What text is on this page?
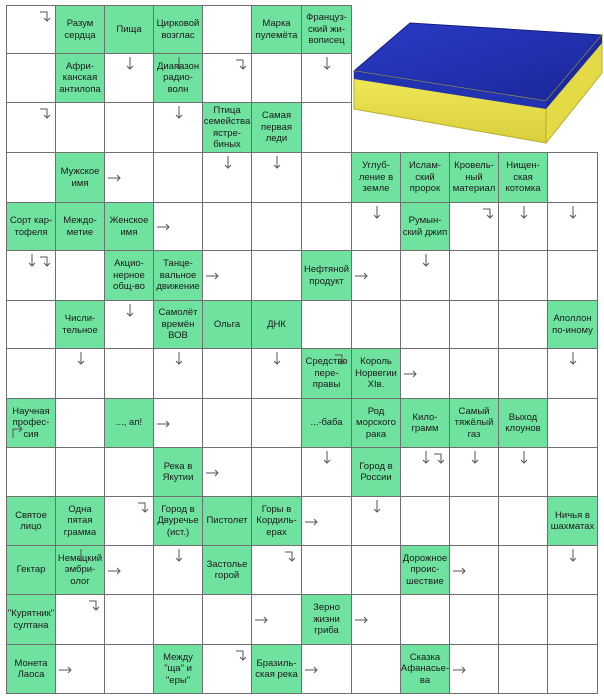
Разум
сердца
Пища
Цирковой
возглас
Марка
пулемёта
Француз-
ский жи-
вописец
Афри-
канская
антилопа
Диапазон
радио-
волн
Птица
семейства
ястре-
биных
Самая
первая
леди
Мужское
имя
Углуб-
ление в
земле
Ислам-
ский
пророк
Кровель-
ный
материал
Нищен-
ская
котомка
Сорт кар-
тофеля
Междо-
метие
Женское
имя
Румын-
ский джип
Акцио-
нерное
общ-во
Танце-
вальное
движение
Нефтяной
продукт
Числи-
тельное
Самолёт
времён
ВОВ
Ольга	ДНК
Аполлон
по-иному
Средство
пере-
правы
Король
Норвегии
XIв.
Научная
профес-
сия
..., ап!	...-баба
Род
морского
рака
Кило-
грамм
Самый
тяжёлый
газ
Выход
клоунов
Река в
Якутии
Город в
России
Святое
лицо
Одна
пятая
грамма
Город в
Двуречье
(ист.)
Пистолет
Горы в
Кордиль-
ерах
Ничья в
шахматах
Гектар
Немецкий
эмбри-
олог
Застолье
горой
Дорожное
проис-
шествие
"Курятник"
султана
Зерно
жизни
гриба
Монета
Лаоса
Между
"ща" и
"еры"
Бразиль-
ская река
Сказка
Афанасье-
ва
